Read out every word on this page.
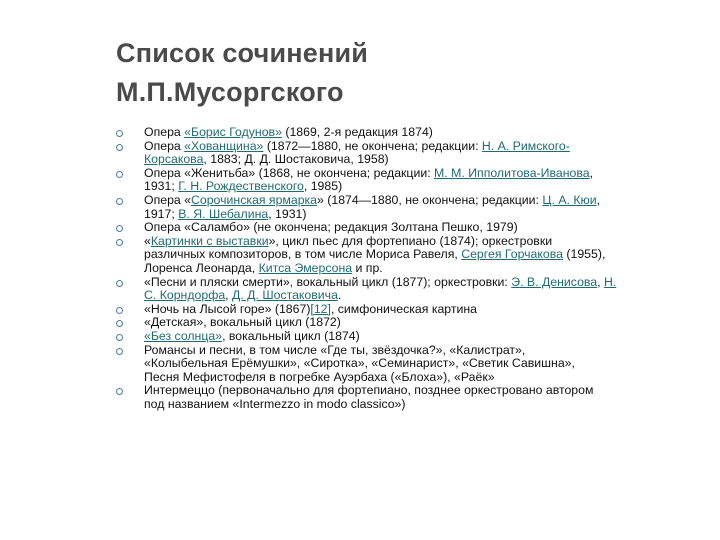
Список сочинений
М.П.Мусоргского
Опера «Борис Годунов» (1869, 2-я редакция 1874)
Опера «Хованщина» (1872—1880, не окончена; редакции: Н. А. Римского-
Корсакова, 1883; Д. Д. Шостаковича, 1958)
Опера «Женитьба» (1868, не окончена; редакции: М. М. Ипполитова-Иванова,
1931; Г. Н. Рождественского, 1985)
Опера «Сорочинская ярмарка» (1874—1880, не окончена; редакции: Ц. А. Кюи,
1917; В. Я. Шебалина, 1931)
Опера «Саламбо» (не окончена; редакция Золтана Пешко, 1979)
«Картинки с выставки», цикл пьес для фортепиано (1874); оркестровки
различных композиторов, в том числе Мориса Равеля, Сергея Горчакова (1955),
Лоренса Леонарда, Китса Эмерсона и пр.
«Песни и пляски смерти», вокальный цикл (1877); оркестровки: Э. В. Денисова, Н.
С. Корндорфа, Д. Д. Шостаковича.
«Ночь на Лысой горе» (1867)[12], симфоническая картина
«Детская», вокальный цикл (1872)
«Без солнца», вокальный цикл (1874)
Романсы и песни, в том числе «Где ты, звёздочка?», «Калистрат»,
«Колыбельная Ерёмушки», «Сиротка», «Семинарист», «Светик Савишна»,
Песня Мефистофеля в погребке Ауэрбаха («Блоха»), «Раёк»
Интермеццо (первоначально для фортепиано, позднее оркестровано автором
под названием «Intermezzo in modo classico»)
